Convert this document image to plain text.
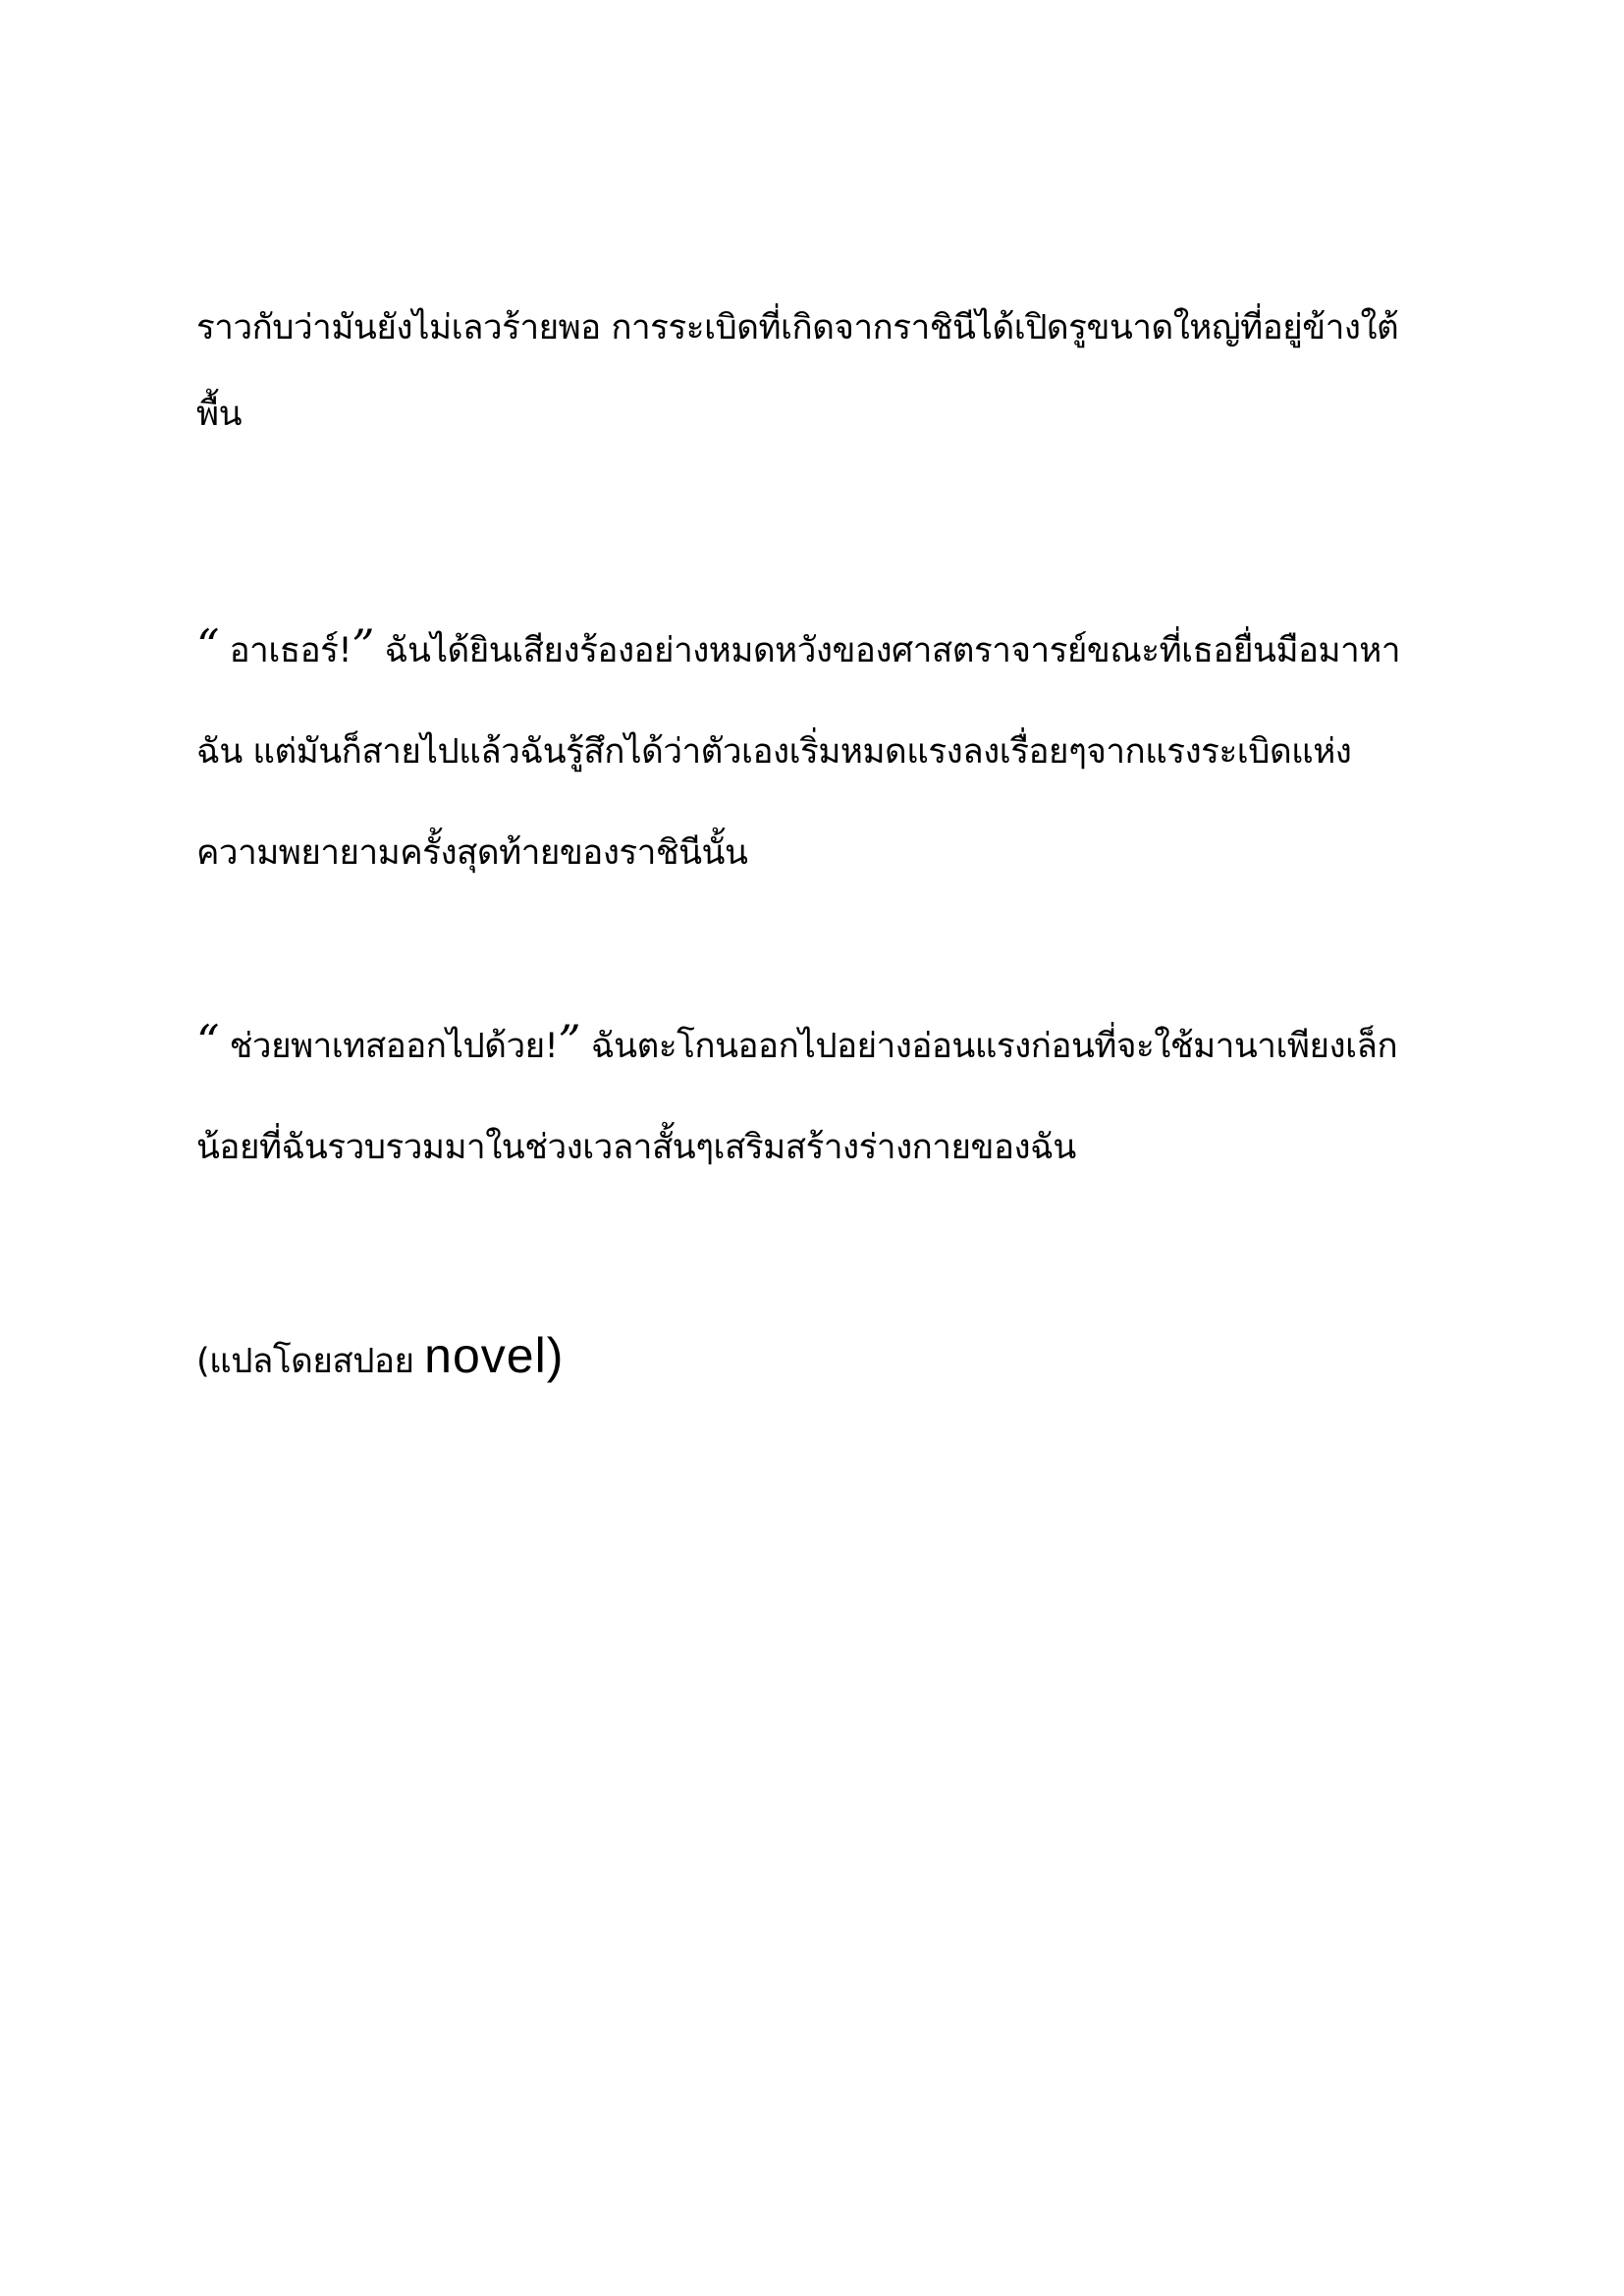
ราวกับว่ามันยังไม่เลวร้ายพอ การระเบิดที่เกิดจากราชินีได้เปิดรูขนาดใหญ่ที่อยู่ข้างใต้พื้น

“ อาเธอร์!” ฉันได้ยินเสียงร้องอย่างหมดหวังของศาสตราจารย์ขณะที่เธอยื่นมือมาหาฉัน แต่มันก็สายไปแล้วฉันรู้สึกได้ว่าตัวเองเริ่มหมดแรงลงเรื่อยๆจากแรงระเบิดแห่งความพยายามครั้งสุดท้ายของราชินีนั้น

“ ช่วยพาเทสออกไปด้วย!” ฉันตะโกนออกไปอย่างอ่อนแรงก่อนที่จะใช้มานาเพียงเล็กน้อยที่ฉันรวบรวมมาในช่วงเวลาสั้นๆเสริมสร้างร่างกายของฉัน

(แปลโดยสปอย novel)
